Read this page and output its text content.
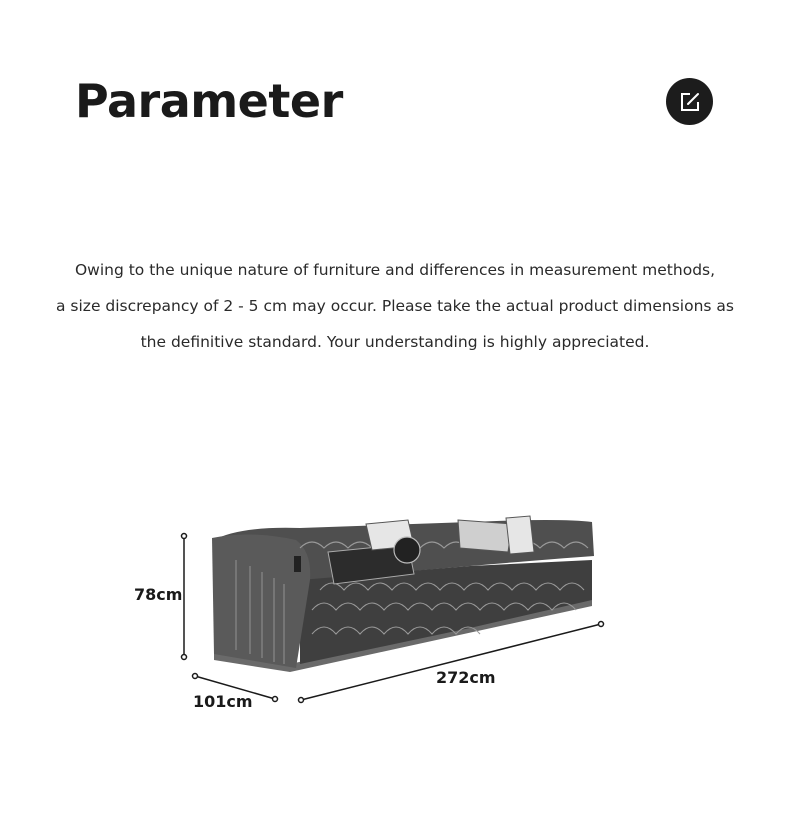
Parameter
Owing to the unique nature of furniture and differences in measurement methods,
a size discrepancy of 2 - 5 cm may occur. Please take the actual product dimensions as
the definitive standard. Your understanding is highly appreciated.
78cm
101cm
272cm
